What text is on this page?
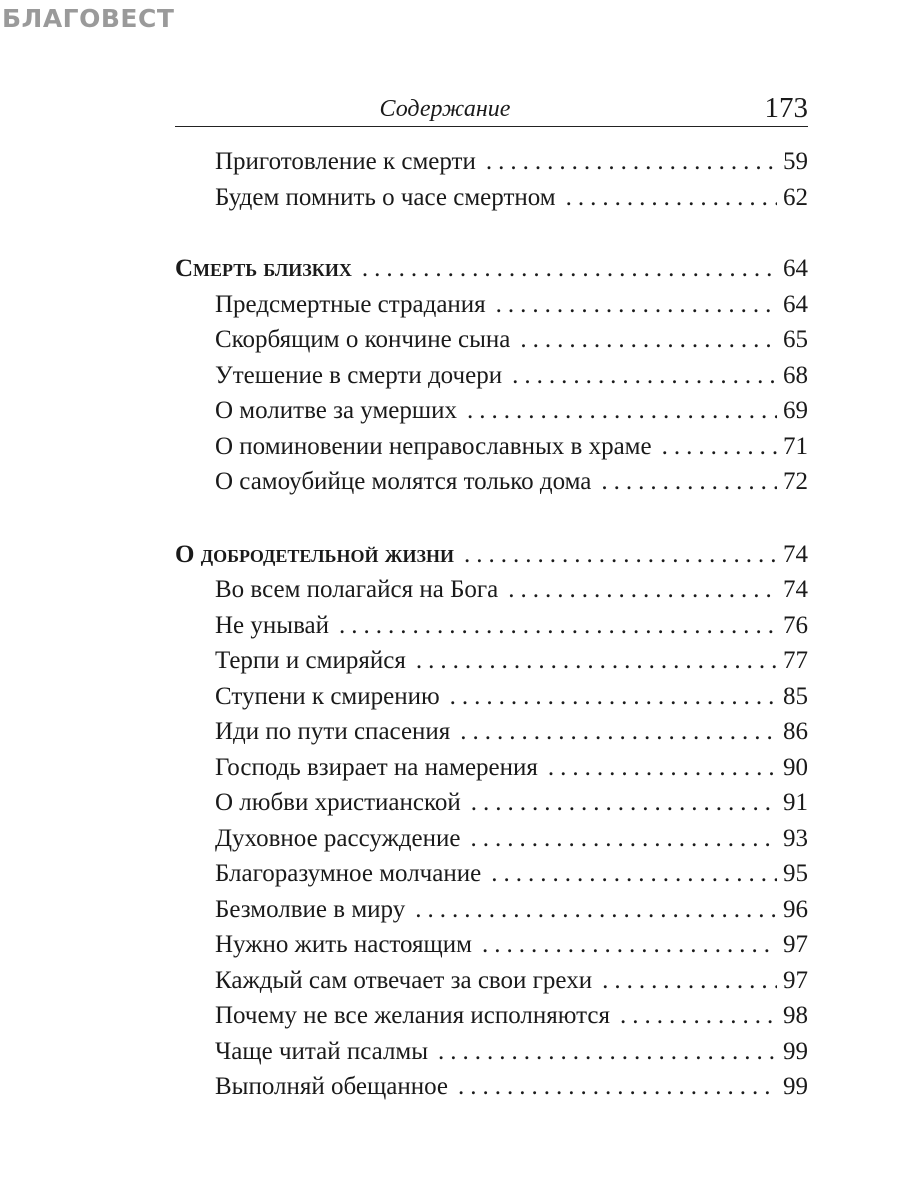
БЛАГОВЕСТ
Содержание	173
Приготовление к смерти .....	59
Будем помнить о часе смертном .....	62
Смерть близких .....	64
Предсмертные страдания .....	64
Скорбящим о кончине сына .....	65
Утешение в смерти дочери .....	68
О молитве за умерших .....	69
О поминовении неправославных в храме .....	71
О самоубийце молятся только дома .....	72
О добродетельной жизни .....	74
Во всем полагайся на Бога .....	74
Не унывай .....	76
Терпи и смиряйся .....	77
Ступени к смирению .....	85
Иди по пути спасения .....	86
Господь взирает на намерения .....	90
О любви христианской .....	91
Духовное рассуждение .....	93
Благоразумное молчание .....	95
Безмолвие в миру .....	96
Нужно жить настоящим .....	97
Каждый сам отвечает за свои грехи .....	97
Почему не все желания исполняются .....	98
Чаще читай псалмы .....	99
Выполняй обещанное .....	99
